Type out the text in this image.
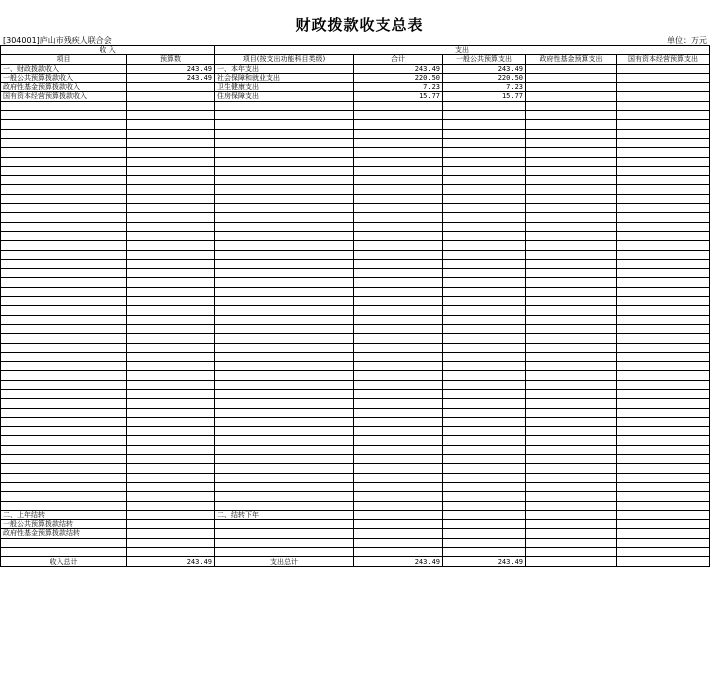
财政拨款收支总表
[304001]庐山市残疾人联合会	单位：万元
收 入		支出				
项目	预算数	项目(按支出功能科目类级)	合计	一般公共预算支出	政府性基金预算支出	国有资本经营预算支出
一、财政拨款收入	243.49	一、本年支出	243.49	243.49		
一般公共预算拨款收入	243.49	社会保障和就业支出	220.50	220.50		
政府性基金预算拨款收入		卫生健康支出	7.23	7.23		
国有资本经营预算拨款收入		住房保障支出	15.77	15.77		

二、上年结转		二、结转下年				
一般公共预算拨款结转						
政府性基金预算拨款结转						

收入总计	243.49	支出总计	243.49	243.49		
